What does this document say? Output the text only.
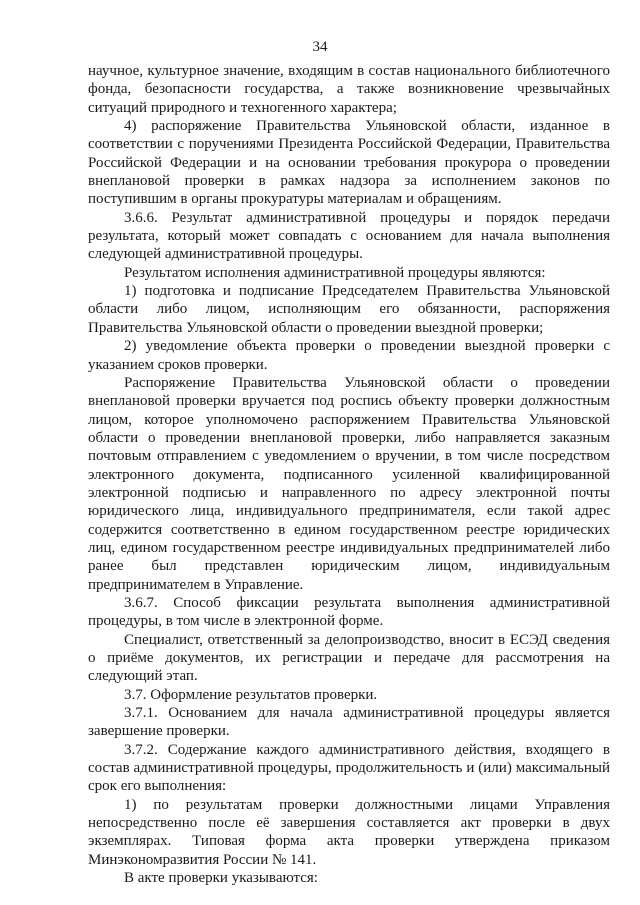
34

научное, культурное значение, входящим в состав национального библиотечного фонда, безопасности государства, а также возникновение чрезвычайных ситуаций природного и техногенного характера;

4) распоряжение Правительства Ульяновской области, изданное в соответствии с поручениями Президента Российской Федерации, Правительства Российской Федерации и на основании требования прокурора о проведении внеплановой проверки в рамках надзора за исполнением законов по поступившим в органы прокуратуры материалам и обращениям.

3.6.6. Результат административной процедуры и порядок передачи результата, который может совпадать с основанием для начала выполнения следующей административной процедуры.

Результатом исполнения административной процедуры являются:

1) подготовка и подписание Председателем Правительства Ульяновской области либо лицом, исполняющим его обязанности, распоряжения Правительства Ульяновской области о проведении выездной проверки;

2) уведомление объекта проверки о проведении выездной проверки с указанием сроков проверки.

Распоряжение Правительства Ульяновской области о проведении внеплановой проверки вручается под роспись объекту проверки должностным лицом, которое уполномочено распоряжением Правительства Ульяновской области о проведении внеплановой проверки, либо направляется заказным почтовым отправлением с уведомлением о вручении, в том числе посредством электронного документа, подписанного усиленной квалифицированной электронной подписью и направленного по адресу электронной почты юридического лица, индивидуального предпринимателя, если такой адрес содержится соответственно в едином государственном реестре юридических лиц, едином государственном реестре индивидуальных предпринимателей либо ранее был представлен юридическим лицом, индивидуальным предпринимателем в Управление.

3.6.7. Способ фиксации результата выполнения административной процедуры, в том числе в электронной форме.

Специалист, ответственный за делопроизводство, вносит в ЕСЭД сведения о приёме документов, их регистрации и передаче для рассмотрения на следующий этап.

3.7. Оформление результатов проверки.

3.7.1. Основанием для начала административной процедуры является завершение проверки.

3.7.2. Содержание каждого административного действия, входящего в состав административной процедуры, продолжительность и (или) максимальный срок его выполнения:

1) по результатам проверки должностными лицами Управления непосредственно после её завершения составляется акт проверки в двух экземплярах. Типовая форма акта проверки утверждена приказом Минэкономразвития России № 141.

В акте проверки указываются:
